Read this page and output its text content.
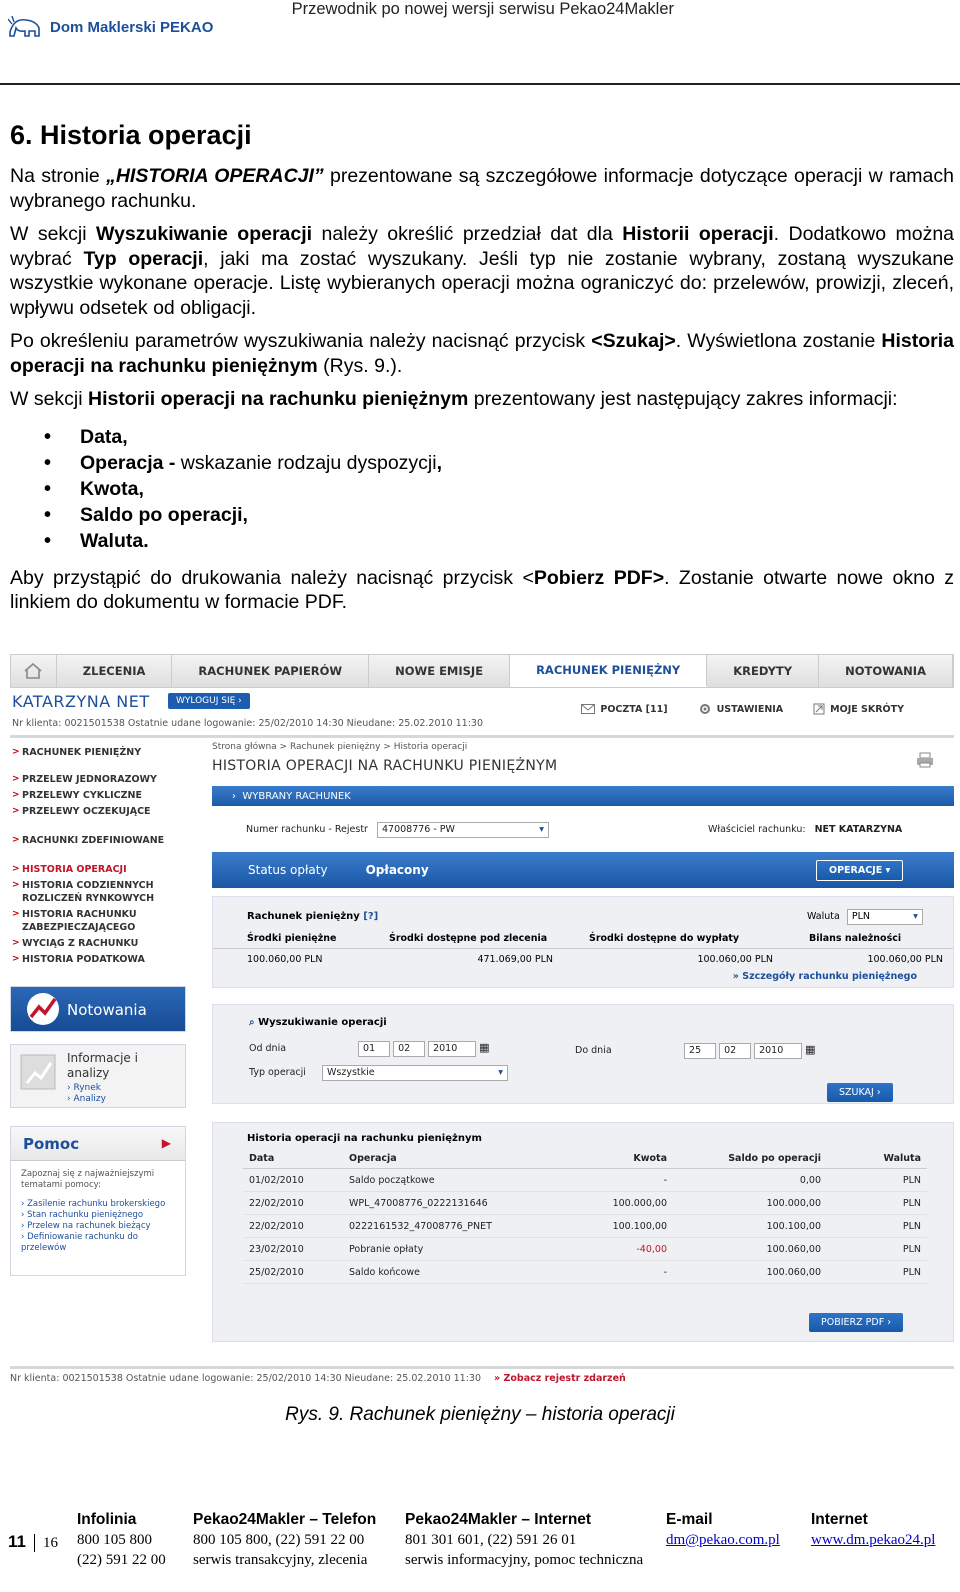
Dom Maklerski PEKAO
Przewodnik po nowej wersji serwisu Pekao24Makler
6. Historia operacji

Na stronie „HISTORIA OPERACJI” prezentowane są szczegółowe informacje dotyczące operacji w ramach wybranego rachunku.

W sekcji Wyszukiwanie operacji należy określić przedział dat dla Historii operacji. Dodatkowo można wybrać Typ operacji, jaki ma zostać wyszukany. Jeśli typ nie zostanie wybrany, zostaną wyszukane wszystkie wykonane operacje. Listę wybieranych operacji można ograniczyć do: przelewów, prowizji, zleceń, wpływu odsetek od obligacji.

Po określeniu parametrów wyszukiwania należy nacisnąć przycisk <Szukaj>. Wyświetlona zostanie Historia operacji na rachunku pieniężnym (Rys. 9.).

W sekcji Historii operacji na rachunku pieniężnym prezentowany jest następujący zakres informacji:

• Data,
• Operacja - wskazanie rodzaju dyspozycji,
• Kwota,
• Saldo po operacji,
• Waluta.

Aby przystąpić do drukowania należy nacisnąć przycisk <Pobierz PDF>. Zostanie otwarte nowe okno z linkiem do dokumentu w formacie PDF.

ZLECENIA	RACHUNEK PAPIERÓW	NOWE EMISJE	RACHUNEK PIENIĘŻNY	KREDYTY	NOTOWANIA
KATARZYNA NET	WYLOGUJ SIĘ ›
Nr klienta: 0021501538 Ostatnie udane logowanie: 25/02/2010 14:30 Nieudane: 25.02.2010 11:30
POCZTA [11]	USTAWIENIA	MOJE SKRÓTY
> RACHUNEK PIENIĘŻNY
> PRZELEW JEDNORAZOWY
> PRZELEWY CYKLICZNE
> PRZELEWY OCZEKUJĄCE
> RACHUNKI ZDEFINIOWANE
> HISTORIA OPERACJI
> HISTORIA CODZIENNYCH ROZLICZEŃ RYNKOWYCH
> HISTORIA RACHUNKU ZABEZPIECZAJĄCEGO
> WYCIĄG Z RACHUNKU
> HISTORIA PODATKOWA
Notowania
Informacje i analizy
› Rynek
› Analizy
Pomoc	▶
Zapoznaj się z najważniejszymi tematami pomocy:
› Zasilenie rachunku brokerskiego
› Stan rachunku pieniężnego
› Przelew na rachunek bieżący
› Definiowanie rachunku do przelewów
Strona główna > Rachunek pieniężny > Historia operacji
HISTORIA OPERACJI NA RACHUNKU PIENIĘŻNYM
› WYBRANY RACHUNEK
Numer rachunku - Rejestr 47008776 - PW	▾	Właściciel rachunku: NET KATARZYNA
Status opłaty	Opłacony	OPERACJE ▾
Rachunek pieniężny [?]	Waluta PLN	▾
Środki pieniężne	Środki dostępne pod zlecenia	Środki dostępne do wypłaty	Bilans należności
100.060,00 PLN	471.069,00 PLN	100.060,00 PLN	100.060,00 PLN
» Szczegóły rachunku pieniężnego
⌕ Wyszukiwanie operacji
Od dnia	01 02 2010 ▦	Do dnia	25 02 2010 ▦
Typ operacji Wszystkie	▾
SZUKAJ ›
Historia operacji na rachunku pieniężnym
Data	Operacja	Kwota	Saldo po operacji	Waluta
01/02/2010	Saldo początkowe	-	0,00	PLN
22/02/2010	WPL_47008776_0222131646	100.000,00	100.000,00	PLN
22/02/2010	0222161532_47008776_PNET	100.100,00	100.100,00	PLN
23/02/2010	Pobranie opłaty	-40,00	100.060,00	PLN
25/02/2010	Saldo końcowe	-	100.060,00	PLN
POBIERZ PDF ›
Nr klienta: 0021501538 Ostatnie udane logowanie: 25/02/2010 14:30 Nieudane: 25.02.2010 11:30 » Zobacz rejestr zdarzeń
Rys. 9. Rachunek pieniężny – historia operacji
11 16
Infolinia
800 105 800
(22) 591 22 00
Pekao24Makler – Telefon
800 105 800, (22) 591 22 00
serwis transakcyjny, zlecenia
Pekao24Makler – Internet
801 301 601, (22) 591 26 01
serwis informacyjny, pomoc techniczna
E-mail
dm@pekao.com.pl
Internet
www.dm.pekao24.pl
